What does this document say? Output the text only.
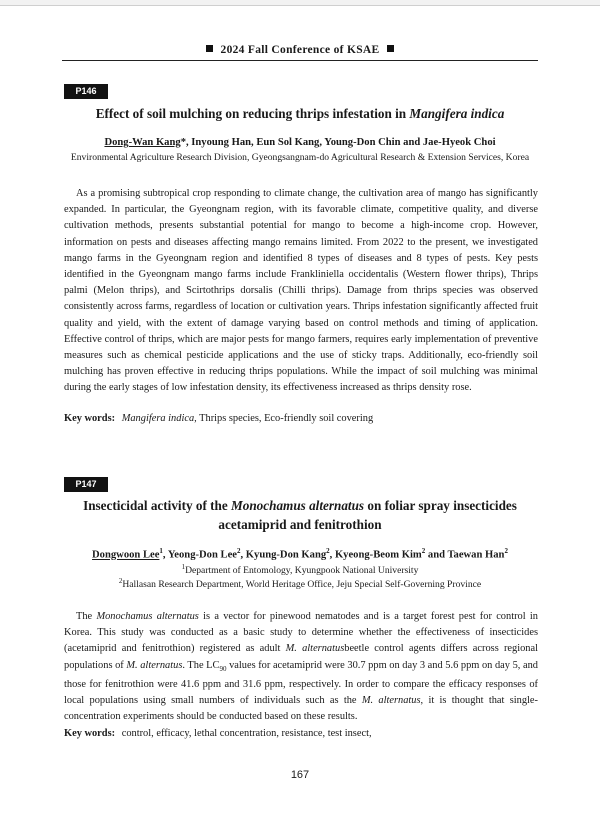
2024 Fall Conference of KSAE
P146
Effect of soil mulching on reducing thrips infestation in Mangifera indica
Dong-Wan Kang*, Inyoung Han, Eun Sol Kang, Young-Don Chin and Jae-Hyeok Choi
Environmental Agriculture Research Division, Gyeongsangnam-do Agricultural Research & Extension Services, Korea

As a promising subtropical crop responding to climate change, the cultivation area of mango has significantly expanded. In particular, the Gyeongnam region, with its favorable climate, competitive quality, and diverse cultivation methods, presents substantial potential for mango to become a high-income crop. However, information on pests and diseases affecting mango remains limited. From 2022 to the present, we investigated mango farms in the Gyeongnam region and identified 8 types of diseases and 8 types of pests. Key pests identified in the Gyeongnam mango farms include Frankliniella occidentalis (Western flower thrips), Thrips palmi (Melon thrips), and Scirtothrips dorsalis (Chilli thrips). Damage from thrips species was observed consistently across farms, regardless of location or cultivation years. Thrips infestation significantly affected fruit quality and yield, with the extent of damage varying based on control methods and timing of application. Effective control of thrips, which are major pests for mango farmers, requires early implementation of preventive measures such as chemical pesticide applications and the use of sticky traps. Additionally, eco-friendly soil mulching has proven effective in reducing thrips populations. While the impact of soil mulching was minimal during the early stages of low infestation density, its effectiveness increased as thrips density rose.

Key words: Mangifera indica, Thrips species, Eco-friendly soil covering
P147
Insecticidal activity of the Monochamus alternatus on foliar spray insecticides
acetamiprid and fenitrothion
Dongwoon Lee$^1$, Yeong-Don Lee$^2$, Kyung-Don Kang$^2$, Kyeong-Beom Kim$^2$ and Taewan Han$^2$
$^1$Department of Entomology, Kyungpook National University
$^2$Hallasan Research Department, World Heritage Office, Jeju Special Self-Governing Province

The Monochamus alternatus is a vector for pinewood nematodes and is a target forest pest for control in Korea. This study was conducted as a basic study to determine whether the effectiveness of insecticides (acetamiprid and fenitrothion) registered as adult M. alternatusbeetle control agents differs across regional populations of M. alternatus. The $LC_{90}$ values for acetamiprid were 30.7 ppm on day 3 and 5.6 ppm on day 5, and those for fenitrothion were 41.6 ppm and 31.6 ppm, respectively. In order to compare the efficacy responses of local populations using small numbers of individuals such as the M. alternatus, it is thought that single-concentration experiments should be conducted based on these results.

Key words: control, efficacy, lethal concentration, resistance, test insect,
167
